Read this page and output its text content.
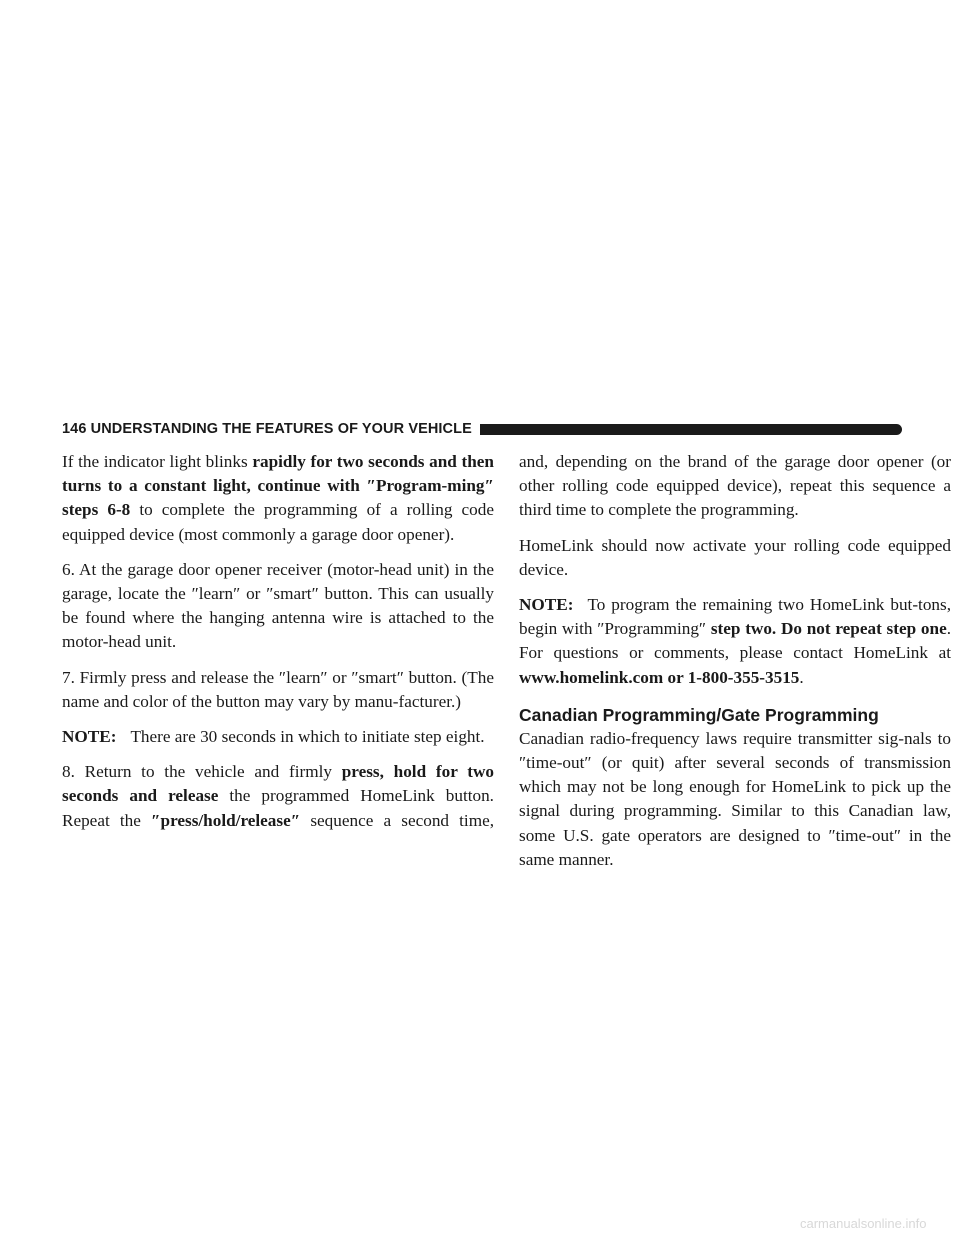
146 UNDERSTANDING THE FEATURES OF YOUR VEHICLE

If the indicator light blinks rapidly for two seconds and then turns to a constant light, continue with ″Program-ming″ steps 6-8 to complete the programming of a rolling code equipped device (most commonly a garage door opener).

6. At the garage door opener receiver (motor-head unit) in the garage, locate the ″learn″ or ″smart″ button. This can usually be found where the hanging antenna wire is attached to the motor-head unit.

7. Firmly press and release the ″learn″ or ″smart″ button. (The name and color of the button may vary by manu-facturer.)

NOTE: There are 30 seconds in which to initiate step eight.

8. Return to the vehicle and firmly press, hold for two seconds and release the programmed HomeLink button. Repeat the ″press/hold/release″ sequence a second time,

and, depending on the brand of the garage door opener (or other rolling code equipped device), repeat this sequence a third time to complete the programming.

HomeLink should now activate your rolling code equipped device.

NOTE: To program the remaining two HomeLink but-tons, begin with ″Programming″ step two. Do not repeat step one. For questions or comments, please contact HomeLink at www.homelink.com or 1-800-355-3515.

Canadian Programming/Gate Programming

Canadian radio-frequency laws require transmitter sig-nals to ″time-out″ (or quit) after several seconds of transmission which may not be long enough for HomeLink to pick up the signal during programming. Similar to this Canadian law, some U.S. gate operators are designed to ″time-out″ in the same manner.

carmanualsonline.info
